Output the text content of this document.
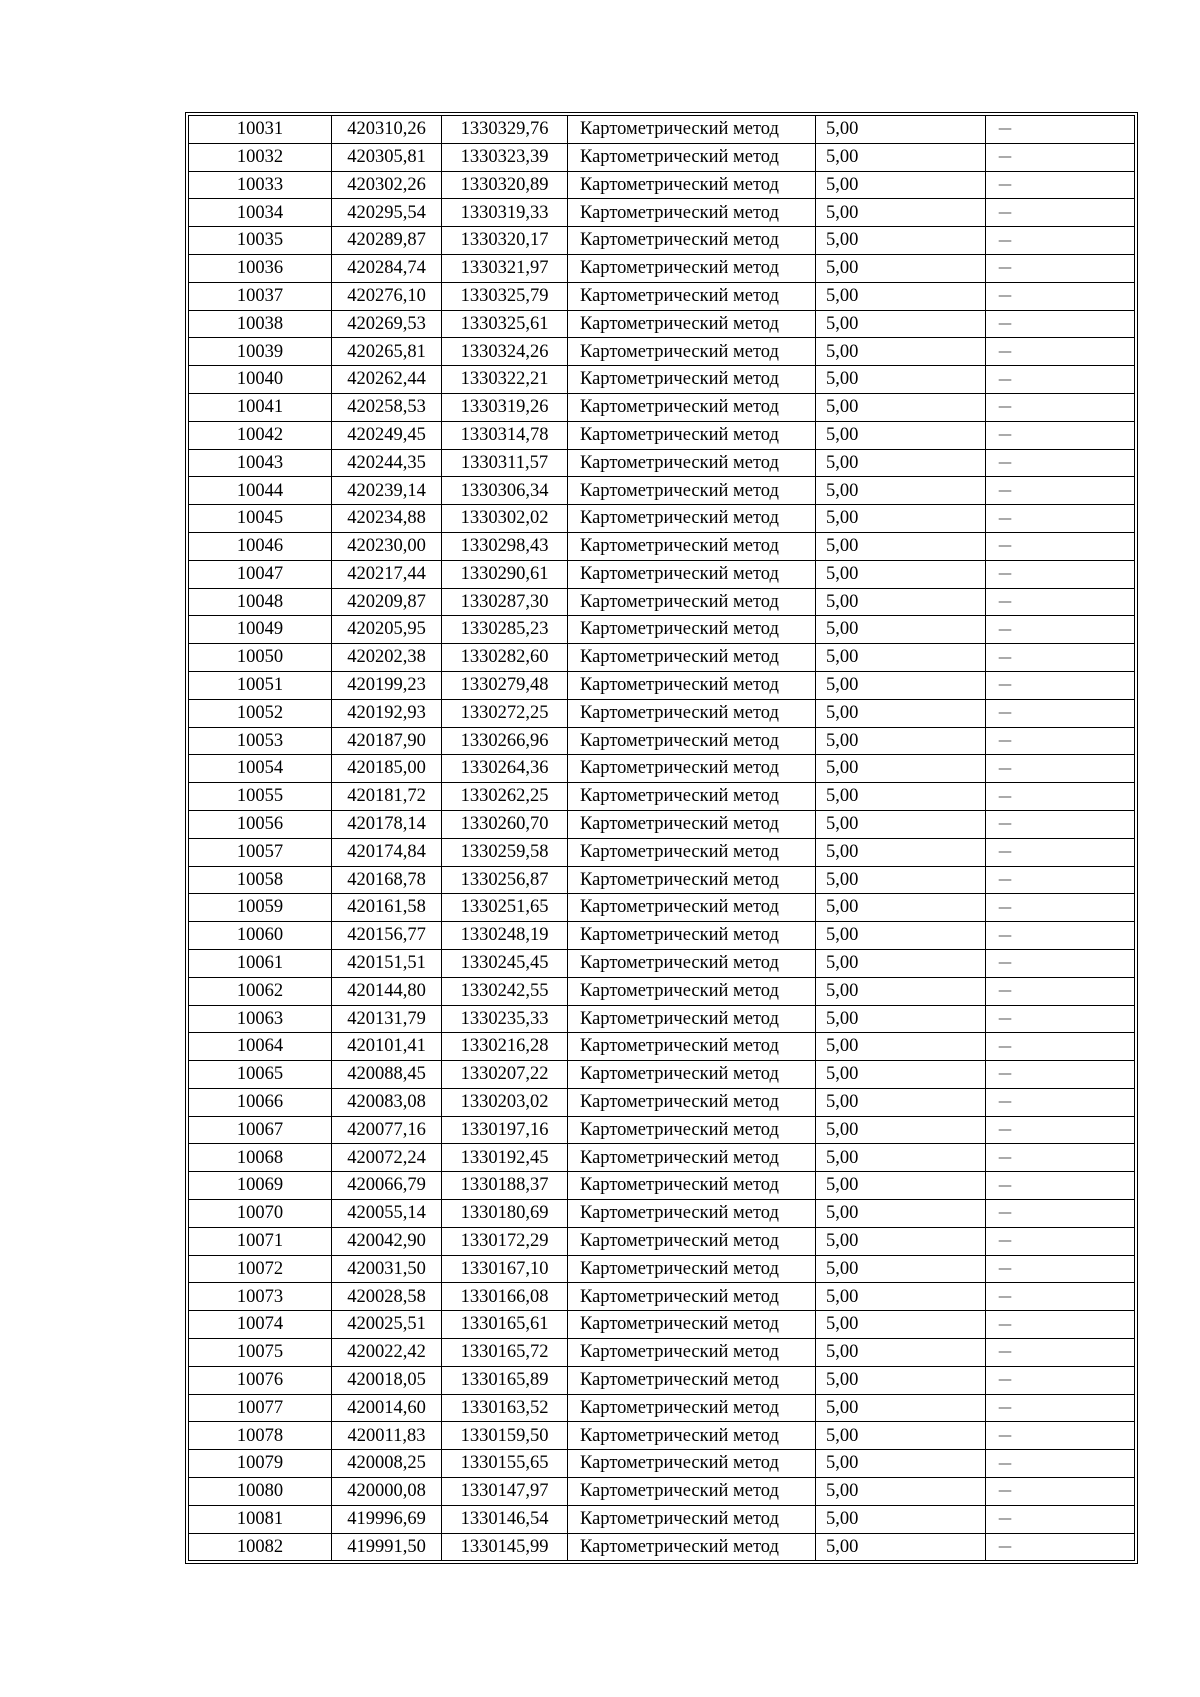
10031	420310,26	1330329,76	Картометрический метод	5,00	—
10032	420305,81	1330323,39	Картометрический метод	5,00	—
10033	420302,26	1330320,89	Картометрический метод	5,00	—
10034	420295,54	1330319,33	Картометрический метод	5,00	—
10035	420289,87	1330320,17	Картометрический метод	5,00	—
10036	420284,74	1330321,97	Картометрический метод	5,00	—
10037	420276,10	1330325,79	Картометрический метод	5,00	—
10038	420269,53	1330325,61	Картометрический метод	5,00	—
10039	420265,81	1330324,26	Картометрический метод	5,00	—
10040	420262,44	1330322,21	Картометрический метод	5,00	—
10041	420258,53	1330319,26	Картометрический метод	5,00	—
10042	420249,45	1330314,78	Картометрический метод	5,00	—
10043	420244,35	1330311,57	Картометрический метод	5,00	—
10044	420239,14	1330306,34	Картометрический метод	5,00	—
10045	420234,88	1330302,02	Картометрический метод	5,00	—
10046	420230,00	1330298,43	Картометрический метод	5,00	—
10047	420217,44	1330290,61	Картометрический метод	5,00	—
10048	420209,87	1330287,30	Картометрический метод	5,00	—
10049	420205,95	1330285,23	Картометрический метод	5,00	—
10050	420202,38	1330282,60	Картометрический метод	5,00	—
10051	420199,23	1330279,48	Картометрический метод	5,00	—
10052	420192,93	1330272,25	Картометрический метод	5,00	—
10053	420187,90	1330266,96	Картометрический метод	5,00	—
10054	420185,00	1330264,36	Картометрический метод	5,00	—
10055	420181,72	1330262,25	Картометрический метод	5,00	—
10056	420178,14	1330260,70	Картометрический метод	5,00	—
10057	420174,84	1330259,58	Картометрический метод	5,00	—
10058	420168,78	1330256,87	Картометрический метод	5,00	—
10059	420161,58	1330251,65	Картометрический метод	5,00	—
10060	420156,77	1330248,19	Картометрический метод	5,00	—
10061	420151,51	1330245,45	Картометрический метод	5,00	—
10062	420144,80	1330242,55	Картометрический метод	5,00	—
10063	420131,79	1330235,33	Картометрический метод	5,00	—
10064	420101,41	1330216,28	Картометрический метод	5,00	—
10065	420088,45	1330207,22	Картометрический метод	5,00	—
10066	420083,08	1330203,02	Картометрический метод	5,00	—
10067	420077,16	1330197,16	Картометрический метод	5,00	—
10068	420072,24	1330192,45	Картометрический метод	5,00	—
10069	420066,79	1330188,37	Картометрический метод	5,00	—
10070	420055,14	1330180,69	Картометрический метод	5,00	—
10071	420042,90	1330172,29	Картометрический метод	5,00	—
10072	420031,50	1330167,10	Картометрический метод	5,00	—
10073	420028,58	1330166,08	Картометрический метод	5,00	—
10074	420025,51	1330165,61	Картометрический метод	5,00	—
10075	420022,42	1330165,72	Картометрический метод	5,00	—
10076	420018,05	1330165,89	Картометрический метод	5,00	—
10077	420014,60	1330163,52	Картометрический метод	5,00	—
10078	420011,83	1330159,50	Картометрический метод	5,00	—
10079	420008,25	1330155,65	Картометрический метод	5,00	—
10080	420000,08	1330147,97	Картометрический метод	5,00	—
10081	419996,69	1330146,54	Картометрический метод	5,00	—
10082	419991,50	1330145,99	Картометрический метод	5,00	—
